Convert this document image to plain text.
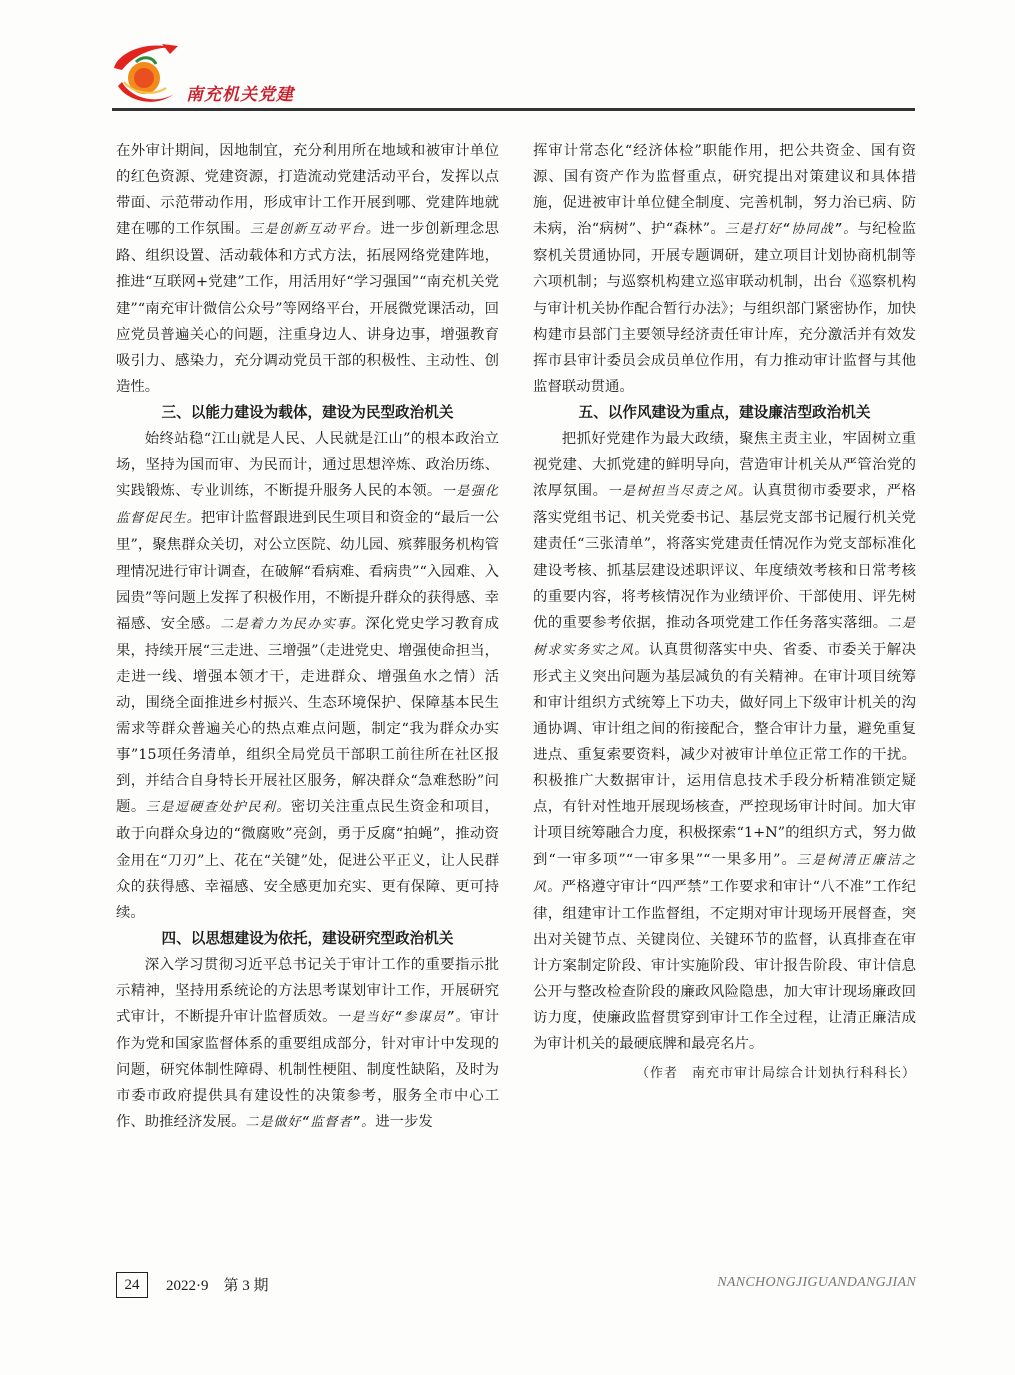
南充机关党建

在外审计期间，因地制宜，充分利用所在地域和被审计单位的红色资源、党建资源，打造流动党建活动平台，发挥以点带面、示范带动作用，形成审计工作开展到哪、党建阵地就建在哪的工作氛围。三是创新互动平台。进一步创新理念思路、组织设置、活动载体和方式方法，拓展网络党建阵地，推进“互联网+党建”工作，用活用好“学习强国”“南充机关党建”“南充审计微信公众号”等网络平台，开展微党课活动，回应党员普遍关心的问题，注重身边人、讲身边事，增强教育吸引力、感染力，充分调动党员干部的积极性、主动性、创造性。

三、以能力建设为载体，建设为民型政治机关

始终站稳“江山就是人民、人民就是江山”的根本政治立场，坚持为国而审、为民而计，通过思想淬炼、政治历练、实践锻炼、专业训练，不断提升服务人民的本领。一是强化监督促民生。把审计监督跟进到民生项目和资金的“最后一公里”，聚焦群众关切，对公立医院、幼儿园、殡葬服务机构管理情况进行审计调查，在破解“看病难、看病贵”“入园难、入园贵”等问题上发挥了积极作用，不断提升群众的获得感、幸福感、安全感。二是着力为民办实事。深化党史学习教育成果，持续开展“三走进、三增强”（走进党史、增强使命担当，走进一线、增强本领才干，走进群众、增强鱼水之情）活动，围绕全面推进乡村振兴、生态环境保护、保障基本民生需求等群众普遍关心的热点难点问题，制定“我为群众办实事”15项任务清单，组织全局党员干部职工前往所在社区报到，并结合自身特长开展社区服务，解决群众“急难愁盼”问题。三是逗硬查处护民利。密切关注重点民生资金和项目，敢于向群众身边的“微腐败”亮剑，勇于反腐“拍蝇”，推动资金用在“刀刃”上、花在“关键”处，促进公平正义，让人民群众的获得感、幸福感、安全感更加充实、更有保障、更可持续。

四、以思想建设为依托，建设研究型政治机关

深入学习贯彻习近平总书记关于审计工作的重要指示批示精神，坚持用系统论的方法思考谋划审计工作，开展研究式审计，不断提升审计监督质效。一是当好“参谋员”。审计作为党和国家监督体系的重要组成部分，针对审计中发现的问题，研究体制性障碍、机制性梗阻、制度性缺陷，及时为市委市政府提供具有建设性的决策参考，服务全市中心工作、助推经济发展。二是做好“监督者”。进一步发

挥审计常态化“经济体检”职能作用，把公共资金、国有资源、国有资产作为监督重点，研究提出对策建议和具体措施，促进被审计单位健全制度、完善机制，努力治已病、防未病，治“病树”、护“森林”。三是打好“协同战”。与纪检监察机关贯通协同，开展专题调研，建立项目计划协商机制等六项机制；与巡察机构建立巡审联动机制，出台《巡察机构与审计机关协作配合暂行办法》；与组织部门紧密协作，加快构建市县部门主要领导经济责任审计库，充分激活并有效发挥市县审计委员会成员单位作用，有力推动审计监督与其他监督联动贯通。

五、以作风建设为重点，建设廉洁型政治机关

把抓好党建作为最大政绩，聚焦主责主业，牢固树立重视党建、大抓党建的鲜明导向，营造审计机关从严管治党的浓厚氛围。一是树担当尽责之风。认真贯彻市委要求，严格落实党组书记、机关党委书记、基层党支部书记履行机关党建责任“三张清单”，将落实党建责任情况作为党支部标准化建设考核、抓基层建设述职评议、年度绩效考核和日常考核的重要内容，将考核情况作为业绩评价、干部使用、评先树优的重要参考依据，推动各项党建工作任务落实落细。二是树求实务实之风。认真贯彻落实中央、省委、市委关于解决形式主义突出问题为基层减负的有关精神。在审计项目统筹和审计组织方式统筹上下功夫，做好同上下级审计机关的沟通协调、审计组之间的衔接配合，整合审计力量，避免重复进点、重复索要资料，减少对被审计单位正常工作的干扰。积极推广大数据审计，运用信息技术手段分析精准锁定疑点，有针对性地开展现场核查，严控现场审计时间。加大审计项目统筹融合力度，积极探索“1+N”的组织方式，努力做到“一审多项”“一审多果”“一果多用”。三是树清正廉洁之风。严格遵守审计“四严禁”工作要求和审计“八不准”工作纪律，组建审计工作监督组，不定期对审计现场开展督查，突出对关键节点、关键岗位、关键环节的监督，认真排查在审计方案制定阶段、审计实施阶段、审计报告阶段、审计信息公开与整改检查阶段的廉政风险隐患，加大审计现场廉政回访力度，使廉政监督贯穿到审计工作全过程，让清正廉洁成为审计机关的最硬底牌和最亮名片。

（作者　南充市审计局综合计划执行科科长）
24	2022·9　第 3 期	NANCHONGJIGUANDANGJIAN
